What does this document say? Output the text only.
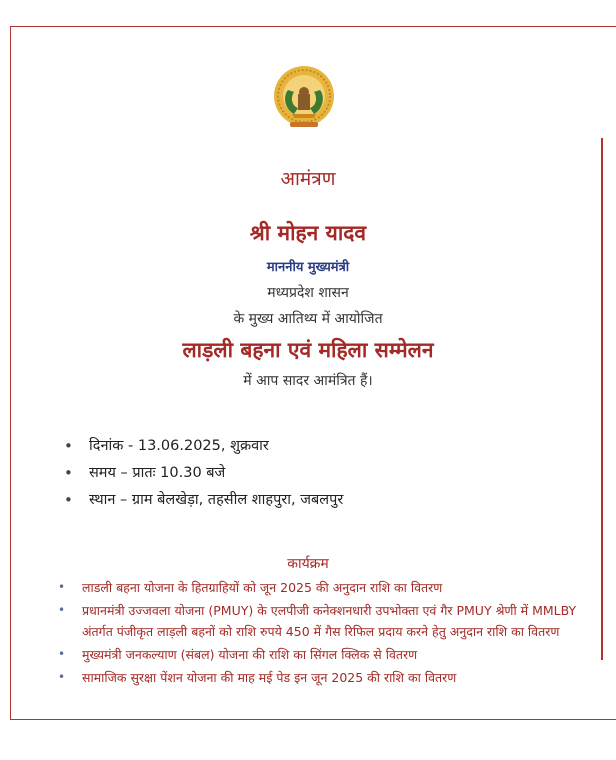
आमंत्रण
श्री मोहन यादव
माननीय मुख्यमंत्री
मध्यप्रदेश शासन
के मुख्य आतिथ्य में आयोजित
लाड़ली बहना एवं महिला सम्मेलन
में आप सादर आमंत्रित हैं।
• दिनांक - 13.06.2025, शुक्रवार
• समय – प्रातः 10.30 बजे
• स्थान – ग्राम बेलखेड़ा, तहसील शाहपुरा, जबलपुर
कार्यक्रम
• लाडली बहना योजना के हितग्राहियों को जून 2025 की अनुदान राशि का वितरण
• प्रधानमंत्री उज्जवला योजना (PMUY) के एलपीजी कनेक्शनधारी उपभोक्ता एवं गैर PMUY श्रेणी में MMLBY अंतर्गत पंजीकृत लाड़ली बहनों को राशि रुपये 450 में गैस रिफिल प्रदाय करने हेतु अनुदान राशि का वितरण
• मुख्यमंत्री जनकल्याण (संबल) योजना की राशि का सिंगल क्लिक से वितरण
• सामाजिक सुरक्षा पेंशन योजना की माह मई पेड इन जून 2025 की राशि का वितरण
